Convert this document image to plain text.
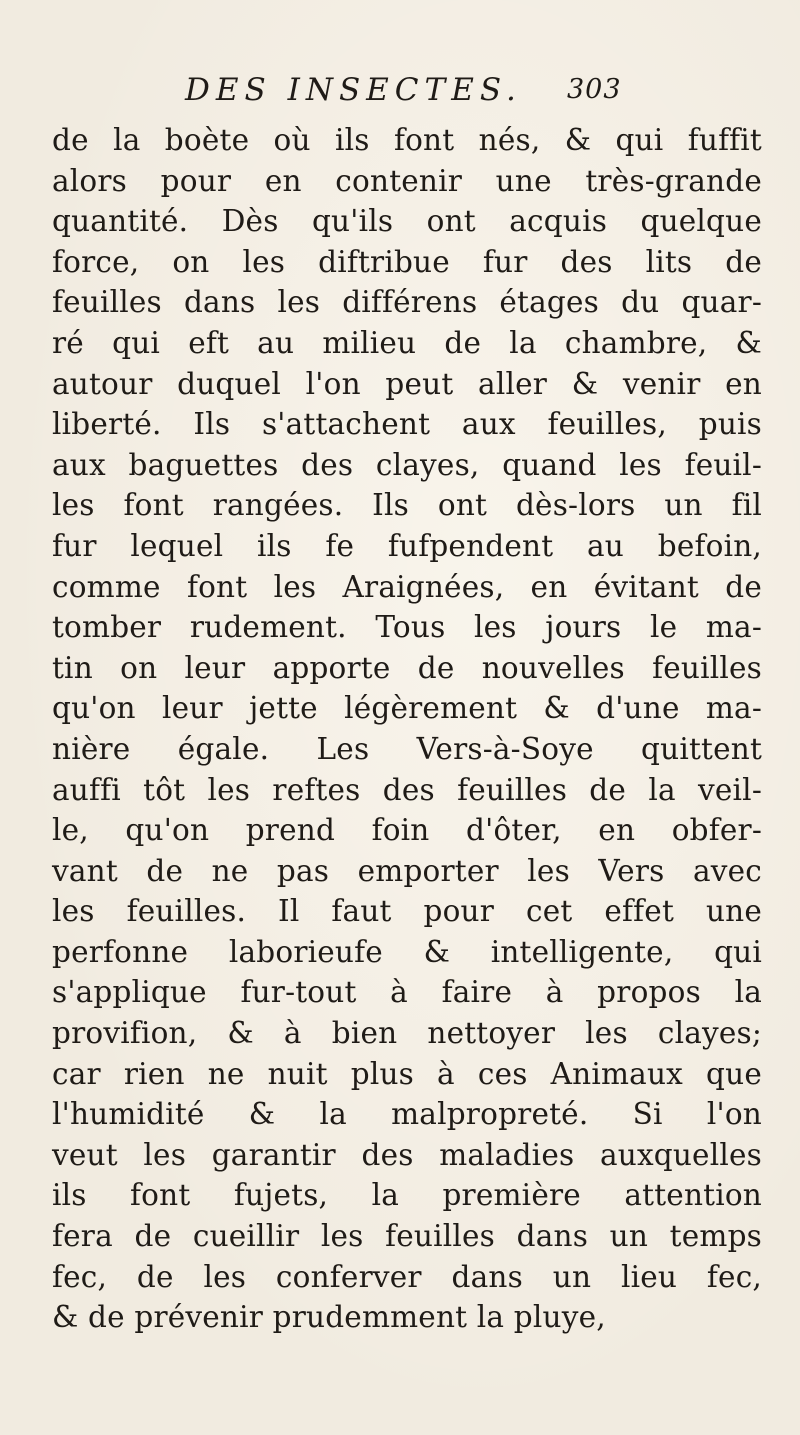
DES INSECTES. 303
de la boète où ils font nés, & qui fuffit
alors pour en contenir une très-grande
quantité. Dès qu'ils ont acquis quelque
force, on les diftribue fur des lits de
feuilles dans les différens étages du quar-
ré qui eft au milieu de la chambre, &
autour duquel l'on peut aller & venir en
liberté. Ils s'attachent aux feuilles, puis
aux baguettes des clayes, quand les feuil-
les font rangées. Ils ont dès-lors un fil
fur lequel ils fe fufpendent au befoin,
comme font les Araignées, en évitant de
tomber rudement. Tous les jours le ma-
tin on leur apporte de nouvelles feuilles
qu'on leur jette légèrement & d'une ma-
nière égale. Les Vers-à-Soye quittent
auffi tôt les reftes des feuilles de la veil-
le, qu'on prend foin d'ôter, en obfer-
vant de ne pas emporter les Vers avec
les feuilles. Il faut pour cet effet une
perfonne laborieufe & intelligente, qui
s'applique fur-tout à faire à propos la
provifion, & à bien nettoyer les clayes;
car rien ne nuit plus à ces Animaux que
l'humidité & la malpropreté. Si l'on
veut les garantir des maladies auxquelles
ils font fujets, la première attention
fera de cueillir les feuilles dans un temps
fec, de les conferver dans un lieu fec,
& de prévenir prudemment la pluye,
